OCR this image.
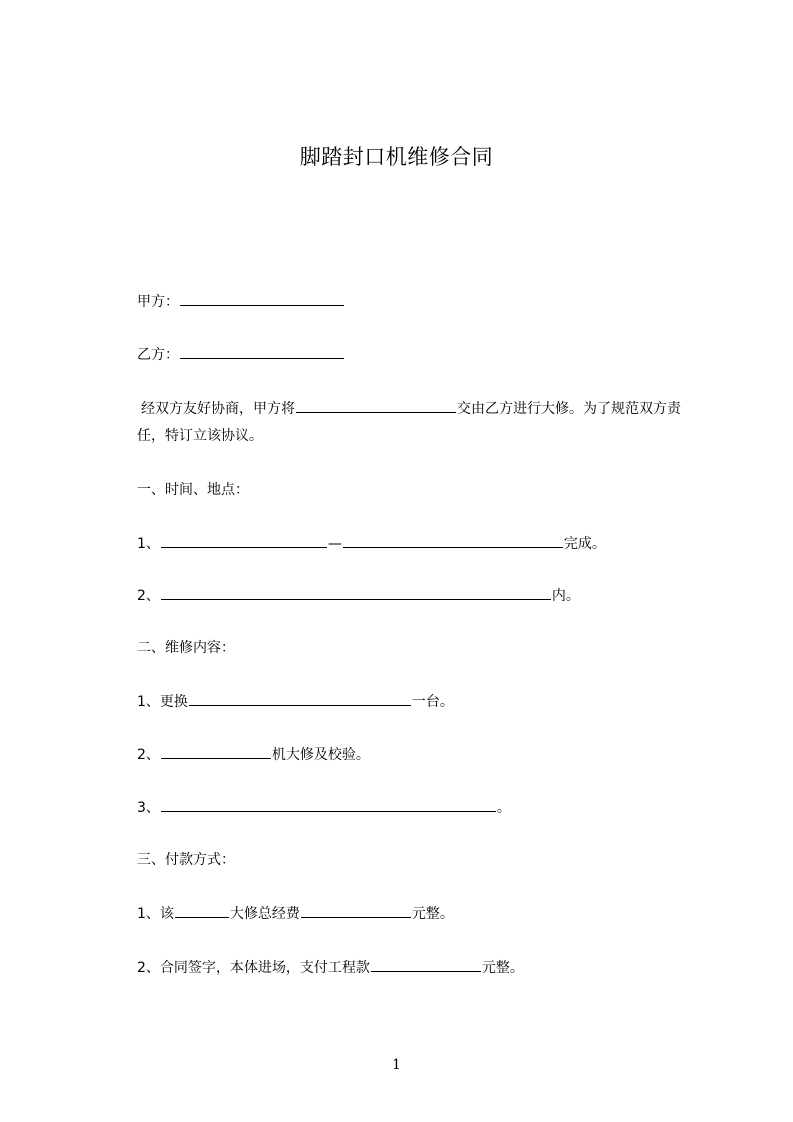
脚踏封口机维修合同
甲方：
乙方：
经双方友好协商，甲方将	交由乙方进行大修。为了规范双方责任，特订立该协议。
一、时间、地点：
1、	—	完成。
2、	内。
二、维修内容：
1、更换	一台。
2、	机大修及校验。
3、	。
三、付款方式：
1、该	大修总经费	元整。
2、合同签字，本体进场，支付工程款	元整。
1
